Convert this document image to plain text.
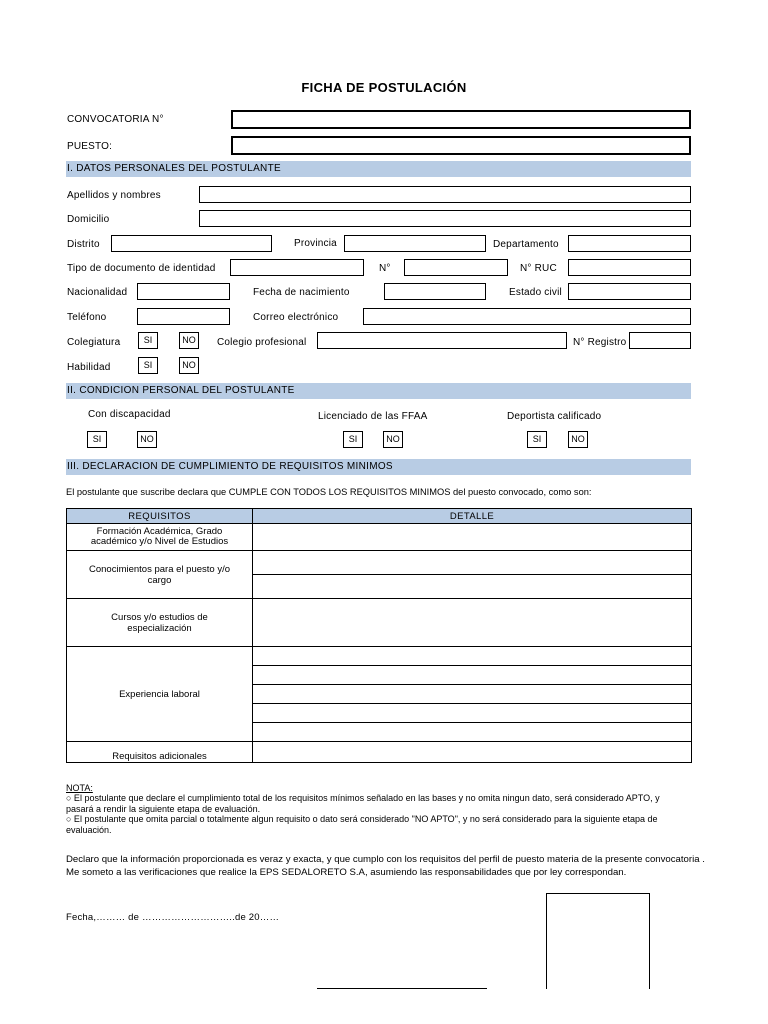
FICHA DE POSTULACIÓN
CONVOCATORIA N°
PUESTO:
I. DATOS PERSONALES DEL POSTULANTE
Apellidos y nombres
Domicilio
Distrito	Provincia	Departamento
Tipo de documento de identidad	N°	N° RUC
Nacionalidad	Fecha de nacimiento	Estado civil
Teléfono	Correo electrónico
Colegiatura	SI	NO	Colegio profesional	N° Registro
Habilidad	SI	NO
II. CONDICION PERSONAL DEL POSTULANTE
Con discapacidad	Licenciado de las FFAA	Deportista calificado
SI	NO	SI	NO	SI	NO
III. DECLARACION DE CUMPLIMIENTO DE REQUISITOS MINIMOS
El postulante que suscribe declara que CUMPLE CON TODOS LOS REQUISITOS MINIMOS del puesto convocado, como son:
REQUISITOS	DETALLE
Formación Académica, Grado académico y/o Nivel de Estudios	
Conocimientos para el puesto y/o cargo	

Cursos y/o estudios de especialización	
Experiencia laboral	

Requisitos adicionales	
NOTA:
○ El postulante que declare el cumplimiento total de los requisitos mínimos señalado en las bases y no omita ningun dato, será considerado APTO, y pasará a rendir la siguiente etapa de evaluación.
○ El postulante que omita parcial o totalmente algun requisito o dato será considerado "NO APTO", y no será considerado para la siguiente etapa de evaluación.
Declaro que la información proporcionada es veraz y exacta, y que cumplo con los requisitos del perfil de puesto materia de la presente convocatoria .
Me someto a las verificaciones que realice la EPS SEDALORETO S.A, asumiendo las responsabilidades que por ley correspondan.
Fecha,……… de ………………………..de 20……
